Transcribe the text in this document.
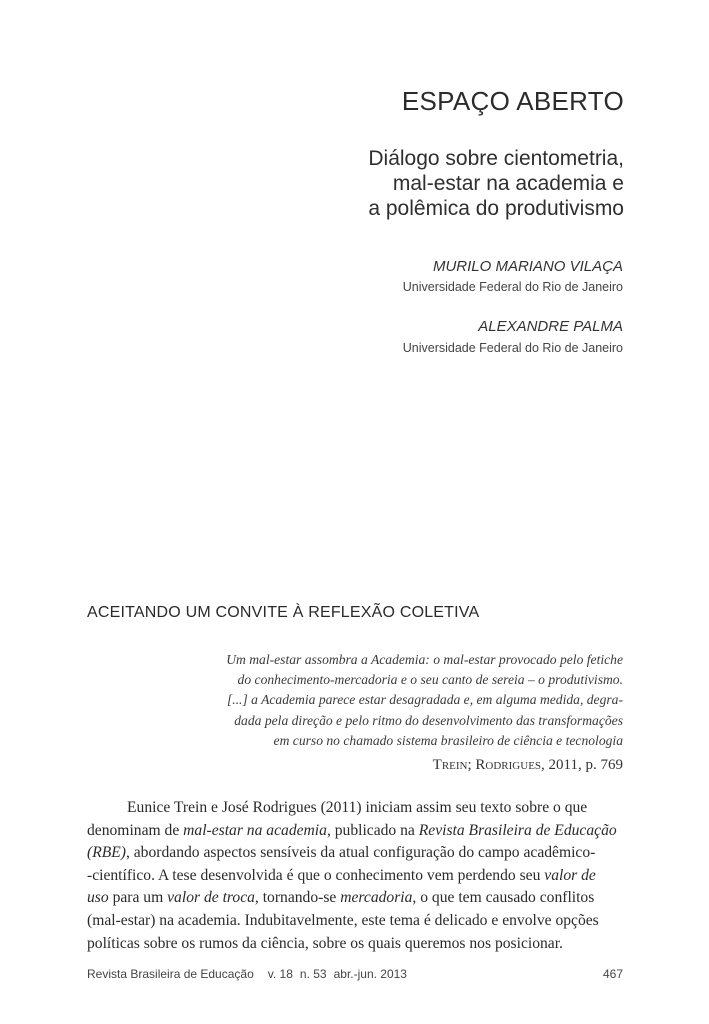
ESPAÇO ABERTO
Diálogo sobre cientometria,
mal-estar na academia e
a polêmica do produtivismo
MURILO MARIANO VILAÇA
Universidade Federal do Rio de Janeiro
ALEXANDRE PALMA
Universidade Federal do Rio de Janeiro
ACEITANDO UM CONVITE À REFLEXÃO COLETIVA
Um mal-estar assombra a Academia: o mal-estar provocado pelo fetiche
do conhecimento-mercadoria e o seu canto de sereia – o produtivismo.
[...] a Academia parece estar desagradada e, em alguma medida, degra-
dada pela direção e pelo ritmo do desenvolvimento das transformações
em curso no chamado sistema brasileiro de ciência e tecnologia
Trein; Rodrigues, 2011, p. 769
Eunice Trein e José Rodrigues (2011) iniciam assim seu texto sobre o que
denominam de mal-estar na academia, publicado na Revista Brasileira de Educação
(RBE), abordando aspectos sensíveis da atual configuração do campo acadêmico-
-científico. A tese desenvolvida é que o conhecimento vem perdendo seu valor de
uso para um valor de troca, tornando-se mercadoria, o que tem causado conflitos
(mal-estar) na academia. Indubitavelmente, este tema é delicado e envolve opções
políticas sobre os rumos da ciência, sobre os quais queremos nos posicionar.
Revista Brasileira de Educação v. 18 n. 53 abr.-jun. 2013	467
